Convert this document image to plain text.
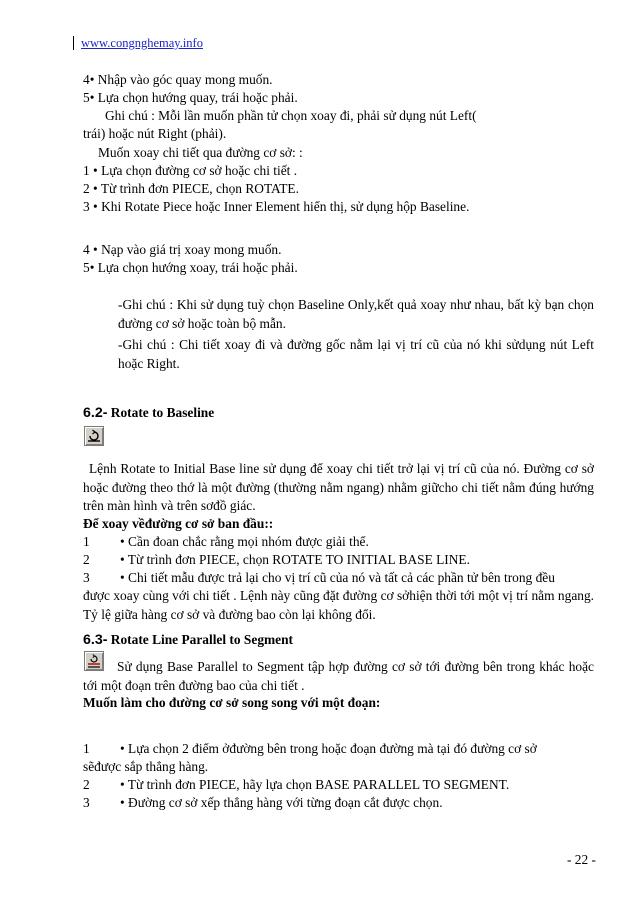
www.congnghemay.info
4• Nhập vào góc quay mong muốn.
5• Lựa chọn hướng quay, trái hoặc phải.
Ghi chú : Mỗi lần muốn phần tử chọn xoay đi, phải sử dụng nút Left(
trái) hoặc nút Right (phải).
Muốn xoay chi tiết qua đường cơ sở: :
1 • Lựa chọn đường cơ sở hoặc chi tiết .
2 • Từ trình đơn PIECE, chọn ROTATE.
3 • Khi Rotate Piece hoặc Inner Element hiển thị, sử dụng hộp Baseline.
4 • Nạp vào giá trị xoay mong muốn.
5• Lựa chọn hướng xoay, trái hoặc phải.
-Ghi chú : Khi sử dụng tuỳ chọn Baseline Only,kết quả xoay như nhau, bất kỳ bạn chọn đường cơ sở hoặc toàn bộ mẫn.
-Ghi chú : Chi tiết xoay đi và đường gốc nằm lại vị trí cũ của nó khi sửdụng nút Left hoặc Right.
6.2- Rotate to Baseline
Lệnh Rotate to Initial Base line sử dụng để xoay chi tiết trở lại vị trí cũ của nó. Đường cơ sở hoặc đường theo thớ là một đường (thường nằm ngang) nhằm giữcho chi tiết nằm đúng hướng trên màn hình và trên sơđồ giác.
Để xoay vềđường cơ sở ban đầu::
1 • Cần đoan chắc rằng mọi nhóm được giải thể.
2 • Từ trình đơn PIECE, chọn ROTATE TO INITIAL BASE LINE.
3 • Chi tiết mẫu được trả lại cho vị trí cũ của nó và tất cả các phần tử bên trong đều
được xoay cùng với chi tiết . Lệnh này cũng đặt đường cơ sởhiện thời tới một vị trí nằm ngang. Tỷ lệ giữa hàng cơ sở và đường bao còn lại không đổi.
6.3- Rotate Line Parallel to Segment
Sử dụng Base Parallel to Segment tập hợp đường cơ sở tới đường bên trong khác hoặc tới một đoạn trên đường bao của chi tiết .
Muốn làm cho đường cơ sở song song với một đoạn:
1 • Lựa chọn 2 điểm ởđường bên trong hoặc đoạn đường mà tại đó đường cơ sở
sẽđược sắp thẳng hàng.
2 • Từ trình đơn PIECE, hãy lựa chọn BASE PARALLEL TO SEGMENT.
3 • Đường cơ sở xếp thẳng hàng với từng đoạn cắt được chọn.
- 22 -
